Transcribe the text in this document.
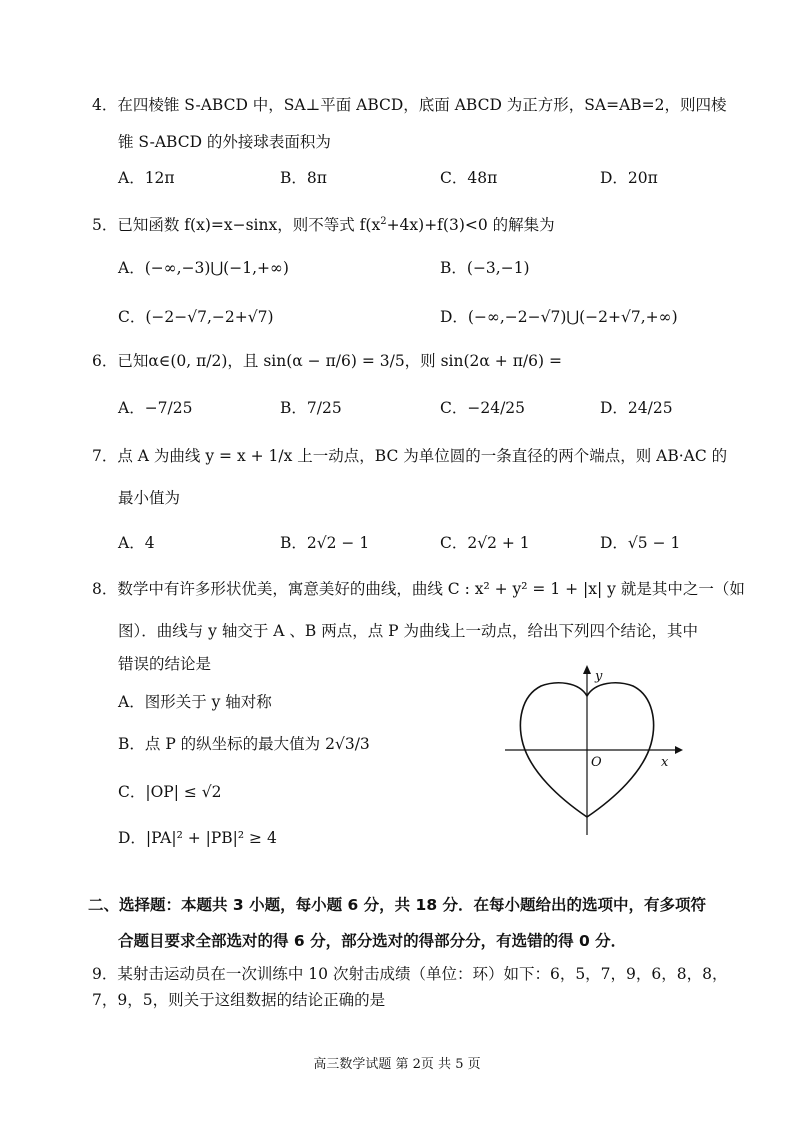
4．在四棱锥 S-ABCD 中，SA⊥平面 ABCD，底面 ABCD 为正方形，SA=AB=2，则四棱
锥 S-ABCD 的外接球表面积为
A．12π	B．8π	C．48π	D．20π
5．已知函数 f(x)=x−sinx，则不等式 $f(x^2+4x)+f(3)<0$ 的解集为
A．(−∞,−3)⋃(−1,+∞)	B．(−3,−1)
C．(−2−√7,−2+√7)	D．(−∞,−2−√7)⋃(−2+√7,+∞)
6．已知α∈(0, π/2)，且 sin(α − π/6) = 3/5，则 sin(2α + π/6) =
A．−7/25	B．7/25	C．−24/25	D．24/25
7．点 A 为曲线 y = x + 1/x 上一动点，BC 为单位圆的一条直径的两个端点，则 AB·AC 的
最小值为
A．4	B．2√2 − 1	C．2√2 + 1	D．√5 − 1
8．数学中有许多形状优美，寓意美好的曲线，曲线 C : x² + y² = 1 + |x| y 就是其中之一（如
图）．曲线与 y 轴交于 A 、B 两点，点 P 为曲线上一动点，给出下列四个结论，其中
错误的结论是
A．图形关于 y 轴对称
B．点 P 的纵坐标的最大值为 2√3/3
C．|OP| ≤ √2
D．|PA|² + |PB|² ≥ 4
y
x
O
二、选择题：本题共 3 小题，每小题 6 分，共 18 分．在每小题给出的选项中，有多项符
合题目要求全部选对的得 6 分，部分选对的得部分分，有选错的得 0 分．
9．某射击运动员在一次训练中 10 次射击成绩（单位：环）如下：6，5，7，9，6，8，8，
7，9，5，则关于这组数据的结论正确的是
高三数学试题 第 2页 共 5 页
